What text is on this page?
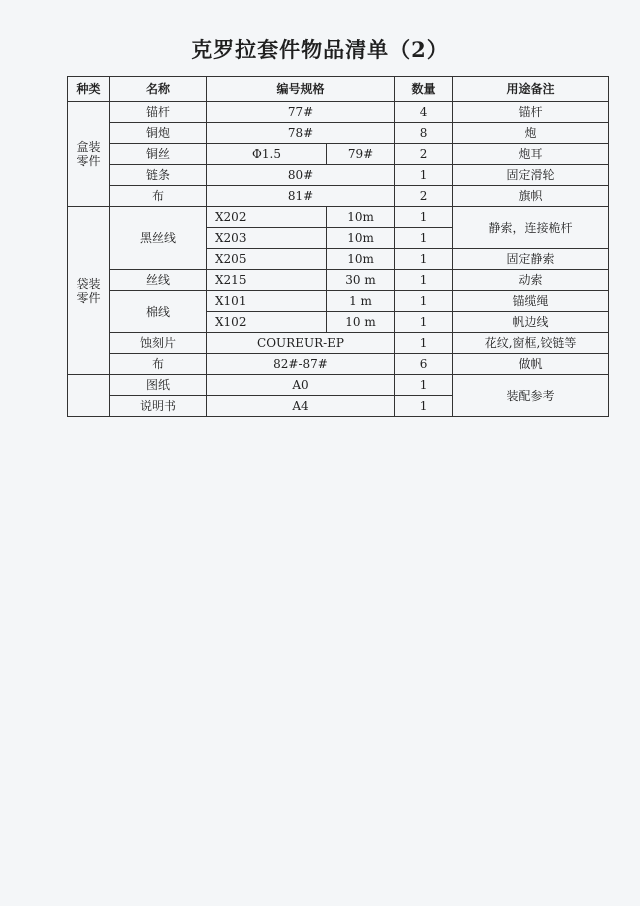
克罗拉套件物品清单（2）
种类	名称	编号规格		数量	用途备注
盒装
零件	锚杆	77#		4	锚杆
	铜炮	78#		8	炮
	铜丝	Φ1.5	79#	2	炮耳
	链条	80#		1	固定滑轮
	布	81#		2	旗帜
袋装
零件	黑丝线	X202	10m	1	静索，连接桅杆
		X203	10m	1	
		X205	10m	1	固定静索
	丝线	X215	30 m	1	动索
	棉线	X101	1 m	1	锚缆绳
		X102	10 m	1	帆边线
	蚀刻片	COUREUR-EP		1	花纹,窗框,铰链等
	布	82#-87#		6	做帆
	图纸	A0		1	装配参考
	说明书	A4		1	
